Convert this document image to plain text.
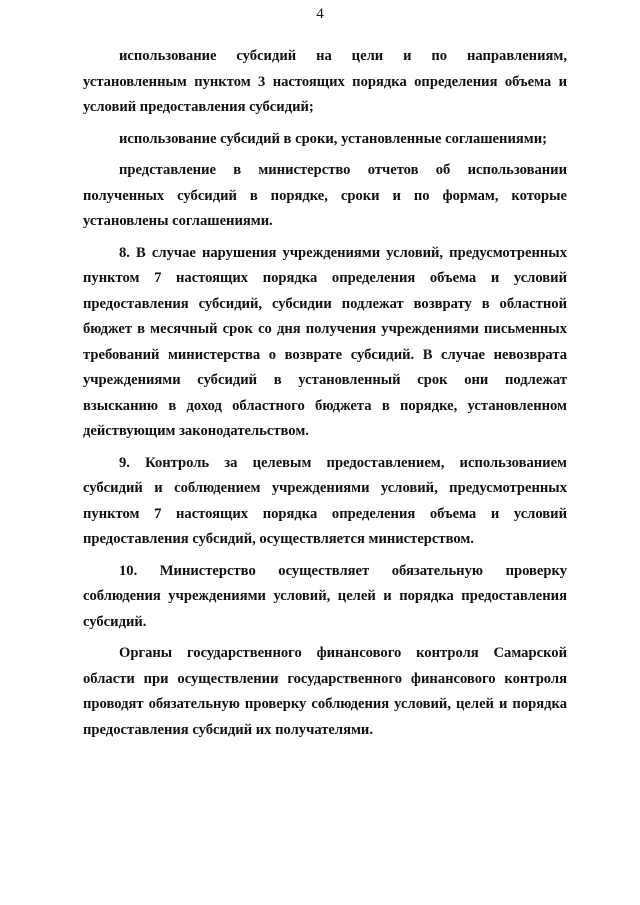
4

использование субсидий на цели и по направлениям, установленным пунктом 3 настоящих порядка определения объема и условий предоставления субсидий;

использование субсидий в сроки, установленные соглашениями;

представление в министерство отчетов об использовании полученных субсидий в порядке, сроки и по формам, которые установлены соглашениями.

8. В случае нарушения учреждениями условий, предусмотренных пунктом 7 настоящих порядка определения объема и условий предоставления субсидий, субсидии подлежат возврату в областной бюджет в месячный срок со дня получения учреждениями письменных требований министерства о возврате субсидий. В случае невозврата учреждениями субсидий в установленный срок они подлежат взысканию в доход областного бюджета в порядке, установленном действующим законодательством.

9. Контроль за целевым предоставлением, использованием субсидий и соблюдением учреждениями условий, предусмотренных пунктом 7 настоящих порядка определения объема и условий предоставления субсидий, осуществляется министерством.

10. Министерство осуществляет обязательную проверку соблюдения учреждениями условий, целей и порядка предоставления субсидий.

Органы государственного финансового контроля Самарской области при осуществлении государственного финансового контроля проводят обязательную проверку соблюдения условий, целей и порядка предоставления субсидий их получателями.
